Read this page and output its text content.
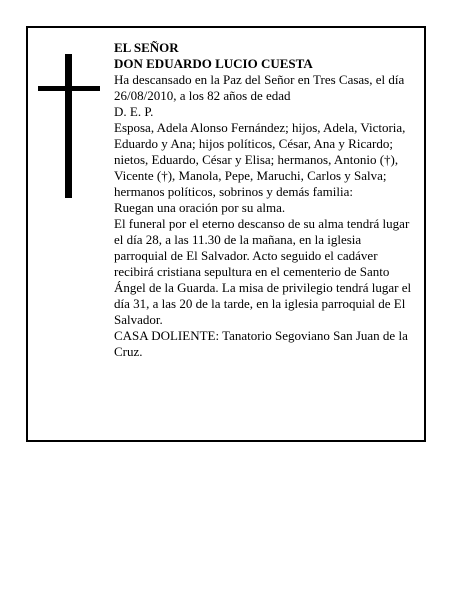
EL SEÑOR

DON EDUARDO LUCIO CUESTA

Ha descansado en la Paz del Señor en Tres Casas, el día 26/08/2010, a los 82 años de edad

D. E. P.

Esposa, Adela Alonso Fernández; hijos, Adela, Victoria, Eduardo y Ana; hijos políticos, César, Ana y Ricardo; nietos, Eduardo, César y Elisa; hermanos, Antonio (†), Vicente (†), Manola, Pepe, Maruchi, Carlos y Salva; hermanos políticos, sobrinos y demás familia:

Ruegan una oración por su alma.

El funeral por el eterno descanso de su alma tendrá lugar el día 28, a las 11.30 de la mañana, en la iglesia parroquial de El Salvador. Acto seguido el cadáver recibirá cristiana sepultura en el cementerio de Santo Ángel de la Guarda. La misa de privilegio tendrá lugar el día 31, a las 20 de la tarde, en la iglesia parroquial de El Salvador.

CASA DOLIENTE: Tanatorio Segoviano San Juan de la Cruz.
